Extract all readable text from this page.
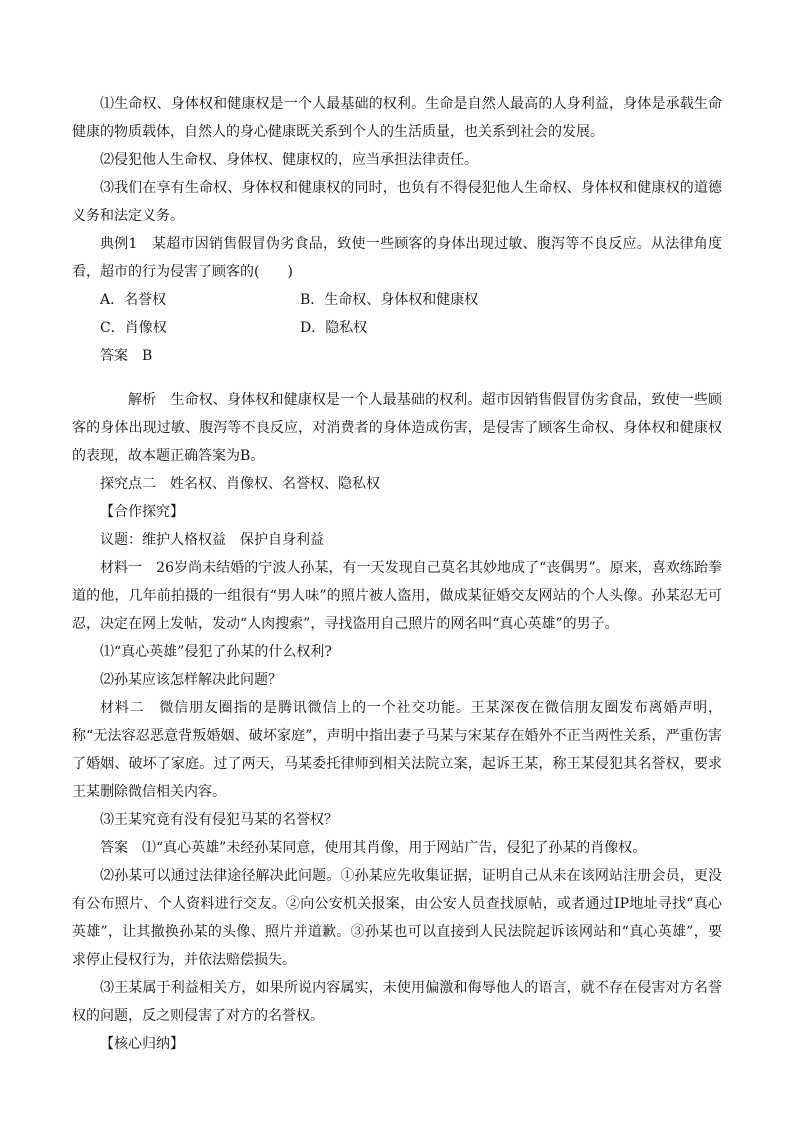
⑴生命权、身体权和健康权是一个人最基础的权利。生命是自然人最高的人身利益，身体是承载生命健康的物质载体，自然人的身心健康既关系到个人的生活质量，也关系到社会的发展。

⑵侵犯他人生命权、身体权、健康权的，应当承担法律责任。

⑶我们在享有生命权、身体权和健康权的同时，也负有不得侵犯他人生命权、身体权和健康权的道德义务和法定义务。

典例1　某超市因销售假冒伪劣食品，致使一些顾客的身体出现过敏、腹泻等不良反应。从法律角度看，超市的行为侵害了顾客的(　　)

A．名誉权	B．生命权、身体权和健康权
C．肖像权	D．隐私权

答案　B

解析　生命权、身体权和健康权是一个人最基础的权利。超市因销售假冒伪劣食品，致使一些顾客的身体出现过敏、腹泻等不良反应，对消费者的身体造成伤害，是侵害了顾客生命权、身体权和健康权的表现，故本题正确答案为B。

探究点二　姓名权、肖像权、名誉权、隐私权

【合作探究】

议题：维护人格权益　保护自身利益

材料一　26岁尚未结婚的宁波人孙某，有一天发现自己莫名其妙地成了“丧偶男”。原来，喜欢练跆拳道的他，几年前拍摄的一组很有“男人味”的照片被人盗用，做成某征婚交友网站的个人头像。孙某忍无可忍，决定在网上发帖，发动“人肉搜索”，寻找盗用自己照片的网名叫“真心英雄”的男子。

⑴“真心英雄”侵犯了孙某的什么权利?

⑵孙某应该怎样解决此问题？

材料二　微信朋友圈指的是腾讯微信上的一个社交功能。王某深夜在微信朋友圈发布离婚声明，称“无法容忍恶意背叛婚姻、破坏家庭”，声明中指出妻子马某与宋某存在婚外不正当两性关系，严重伤害了婚姻、破坏了家庭。过了两天，马某委托律师到相关法院立案，起诉王某，称王某侵犯其名誉权，要求王某删除微信相关内容。

⑶王某究竟有没有侵犯马某的名誉权？

答案　⑴“真心英雄”未经孙某同意，使用其肖像，用于网站广告，侵犯了孙某的肖像权。

⑵孙某可以通过法律途径解决此问题。①孙某应先收集证据，证明自己从未在该网站注册会员，更没有公布照片、个人资料进行交友。②向公安机关报案，由公安人员查找原帖，或者通过IP地址寻找“真心英雄”，让其撤换孙某的头像、照片并道歉。③孙某也可以直接到人民法院起诉该网站和“真心英雄”，要求停止侵权行为，并依法赔偿损失。

⑶王某属于利益相关方，如果所说内容属实，未使用偏激和侮辱他人的语言，就不存在侵害对方名誉权的问题，反之则侵害了对方的名誉权。

【核心归纳】
